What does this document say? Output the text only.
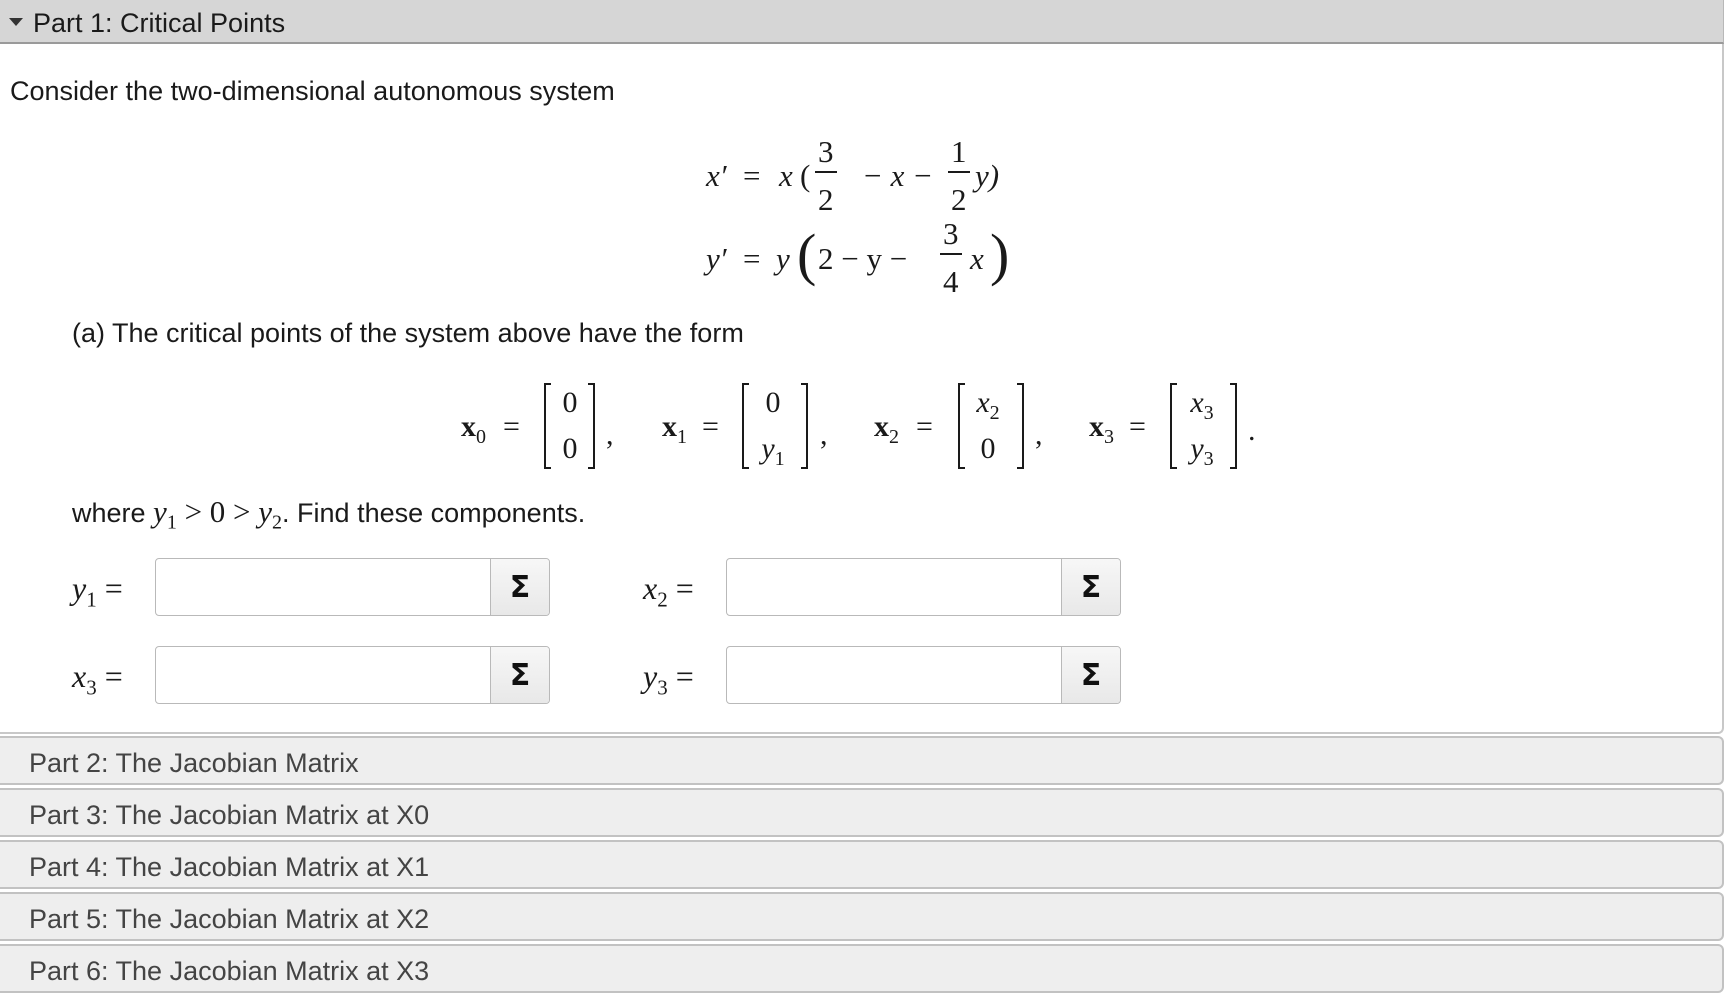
Part 1: Critical Points
Consider the two-dimensional autonomous system
x′ = x (
3
2
− x −
1
2
y)
y′ = y ( 2 − y −
3
4
x )
(a) The critical points of the system above have the form
$x_0$ =
0
0 , $x_1$ =
0
$y_1$
, $x_2$ =
$x_2$
0	, $x_3$ =
$x_3$
$y_3$
.
where $y_1 > 0 > y_2$. Find these components.
$y_1$ =	Σ	$x_2$ =	Σ
$x_3$ =	Σ	$y_3$ =	Σ
Part 2: The Jacobian Matrix
Part 3: The Jacobian Matrix at X0
Part 4: The Jacobian Matrix at X1
Part 5: The Jacobian Matrix at X2
Part 6: The Jacobian Matrix at X3
